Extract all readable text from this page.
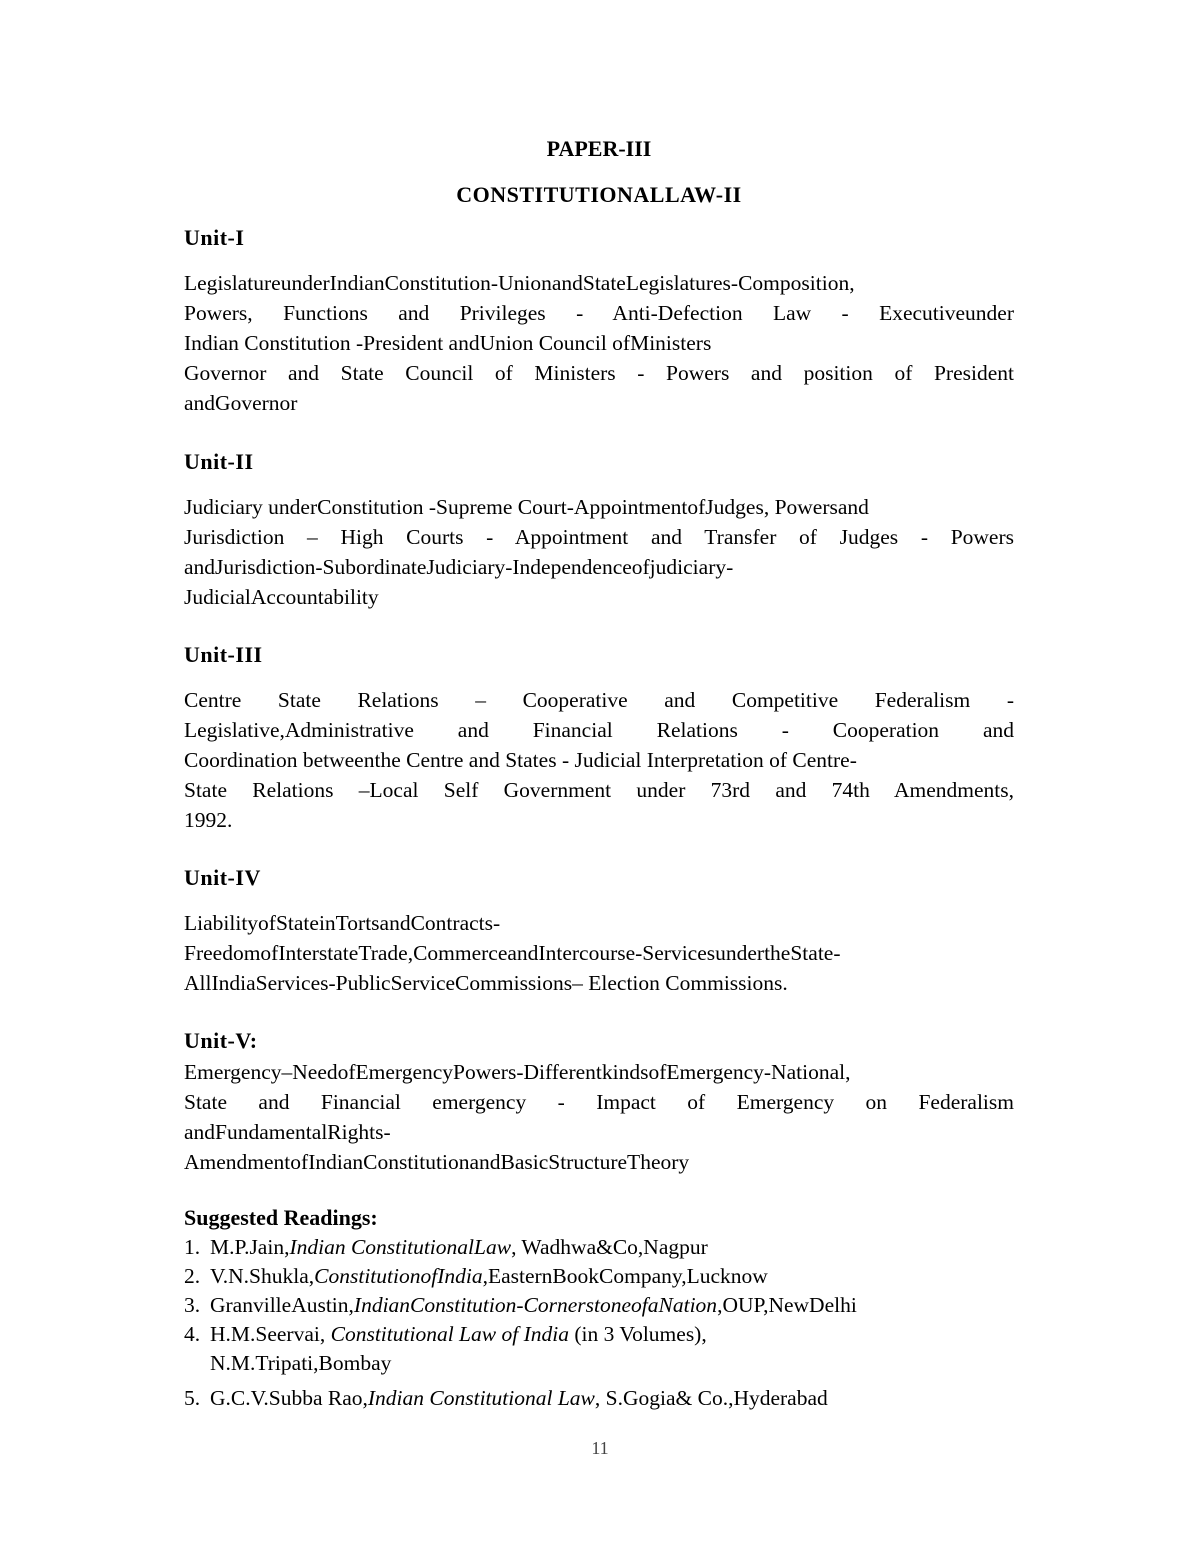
PAPER-III
CONSTITUTIONALLAW-II
Unit-I
LegislatureunderIndianConstitution-UnionandStateLegislatures-Composition,
Powers, Functions and Privileges - Anti-Defection Law - Executiveunder
Indian Constitution -President andUnion Council ofMinisters
Governor and State Council of Ministers - Powers and position of President
andGovernor
Unit-II
Judiciary underConstitution -Supreme Court-AppointmentofJudges, Powersand
Jurisdiction – High Courts - Appointment and Transfer of Judges - Powers
andJurisdiction-SubordinateJudiciary-Independenceofjudiciary-
JudicialAccountability
Unit-III
Centre State Relations – Cooperative and Competitive Federalism -
Legislative,Administrative and Financial Relations - Cooperation and
Coordination betweenthe Centre and States - Judicial Interpretation of Centre-
State Relations –Local Self Government under 73rd and 74th Amendments,
1992.
Unit-IV
LiabilityofStateinTortsandContracts-
FreedomofInterstateTrade,CommerceandIntercourse-ServicesundertheState-
AllIndiaServices-PublicServiceCommissions– Election Commissions.
Unit-V:
Emergency–NeedofEmergencyPowers-DifferentkindsofEmergency-National,
State and Financial emergency - Impact of Emergency on Federalism
andFundamentalRights-
AmendmentofIndianConstitutionandBasicStructureTheory
Suggested Readings:
1. M.P.Jain,Indian ConstitutionalLaw, Wadhwa&Co,Nagpur
2. V.N.Shukla,ConstitutionofIndia,EasternBookCompany,Lucknow
3. GranvilleAustin,IndianConstitution-CornerstoneofaNation,OUP,NewDelhi
4. H.M.Seervai, Constitutional Law of India (in 3 Volumes),
N.M.Tripati,Bombay
5. G.C.V.Subba Rao,Indian Constitutional Law, S.Gogia& Co.,Hyderabad
11
